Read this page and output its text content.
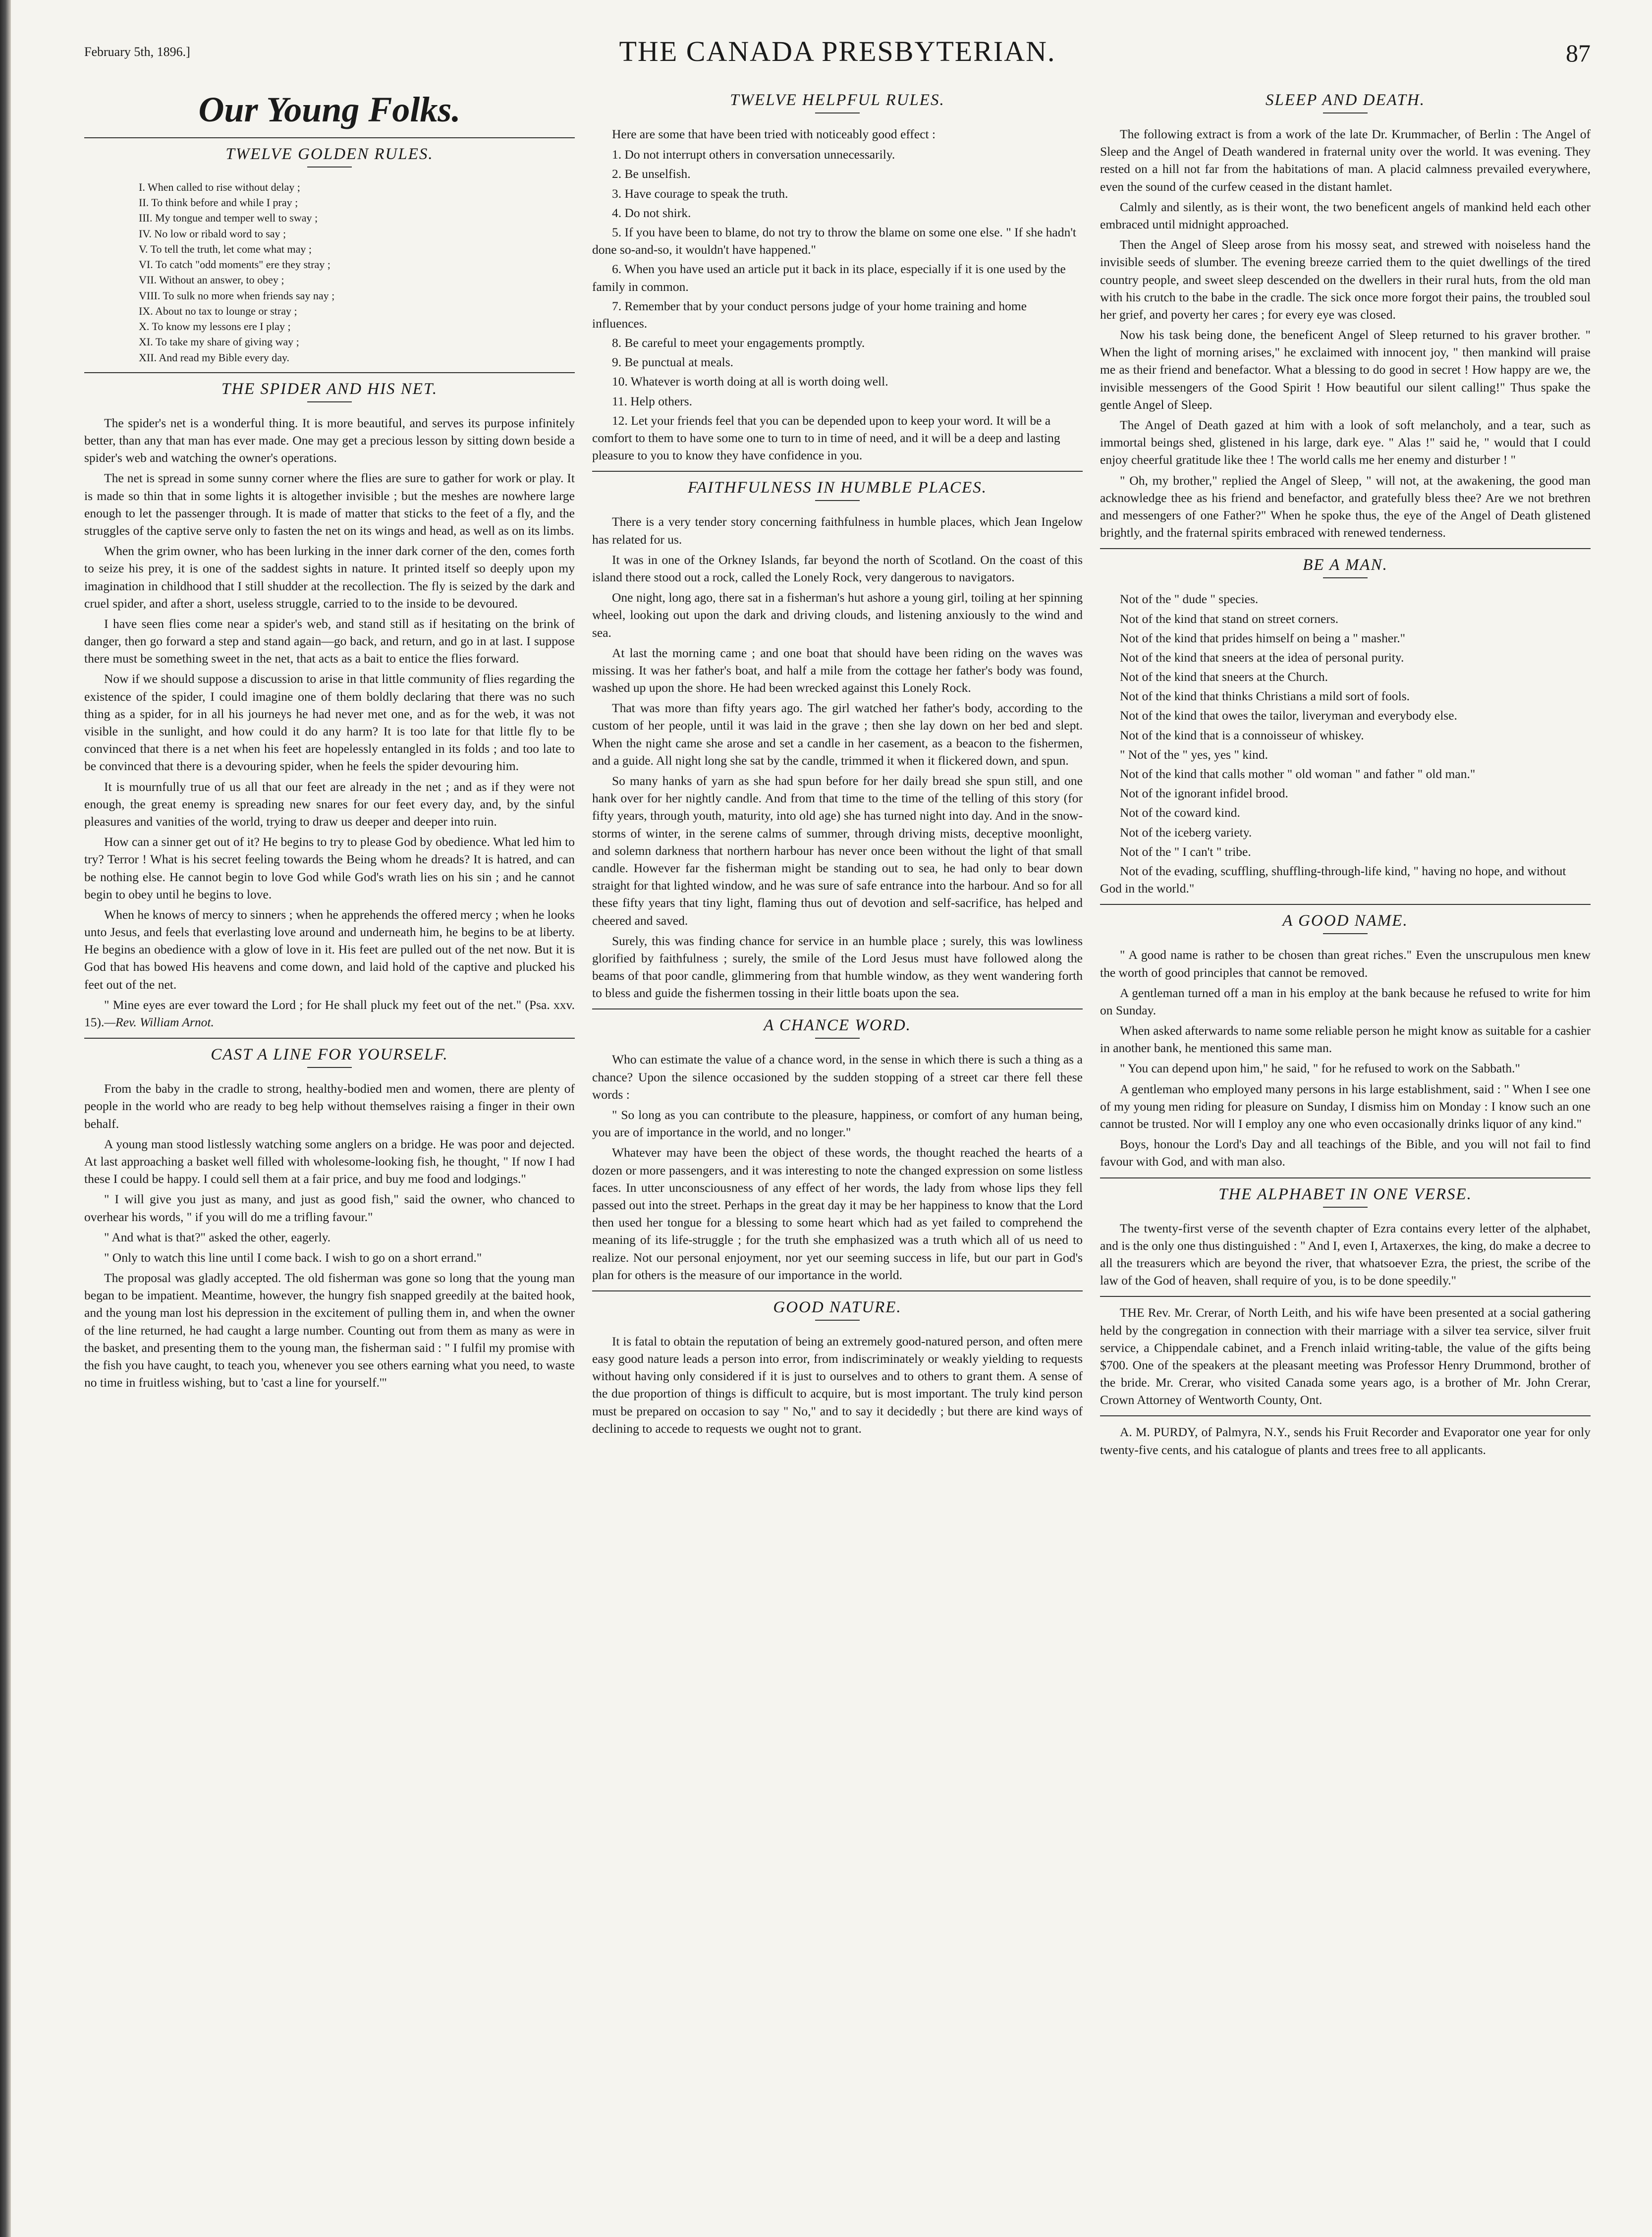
February 5th, 1896.]	THE CANADA PRESBYTERIAN.	87
Our Young Folks.
TWELVE GOLDEN RULES.
I. When called to rise without delay ;
II. To think before and while I pray ;
III. My tongue and temper well to sway ;
IV. No low or ribald word to say ;
V. To tell the truth, let come what may ;
VI. To catch "odd moments" ere they stray ;
VII. Without an answer, to obey ;
VIII. To sulk no more when friends say nay ;
IX. About no tax to lounge or stray ;
X. To know my lessons ere I play ;
XI. To take my share of giving way ;
XII. And read my Bible every day.
THE SPIDER AND HIS NET.

The spider's net is a wonderful thing. It is more beautiful, and serves its purpose infinitely better, than any that man has ever made. One may get a precious lesson by sitting down beside a spider's web and watching the owner's operations.

The net is spread in some sunny corner where the flies are sure to gather for work or play. It is made so thin that in some lights it is altogether invisible ; but the meshes are nowhere large enough to let the passenger through. It is made of matter that sticks to the feet of a fly, and the struggles of the captive serve only to fasten the net on its wings and head, as well as on its limbs.

When the grim owner, who has been lurking in the inner dark corner of the den, comes forth to seize his prey, it is one of the saddest sights in nature. It printed itself so deeply upon my imagination in childhood that I still shudder at the recollection. The fly is seized by the dark and cruel spider, and after a short, useless struggle, carried to to the inside to be devoured.

I have seen flies come near a spider's web, and stand still as if hesitating on the brink of danger, then go forward a step and stand again—go back, and return, and go in at last. I suppose there must be something sweet in the net, that acts as a bait to entice the flies forward.

Now if we should suppose a discussion to arise in that little community of flies regarding the existence of the spider, I could imagine one of them boldly declaring that there was no such thing as a spider, for in all his journeys he had never met one, and as for the web, it was not visible in the sunlight, and how could it do any harm? It is too late for that little fly to be convinced that there is a net when his feet are hopelessly entangled in its folds ; and too late to be convinced that there is a devouring spider, when he feels the spider devouring him.

It is mournfully true of us all that our feet are already in the net ; and as if they were not enough, the great enemy is spreading new snares for our feet every day, and, by the sinful pleasures and vanities of the world, trying to draw us deeper and deeper into ruin.

How can a sinner get out of it? He begins to try to please God by obedience. What led him to try? Terror ! What is his secret feeling towards the Being whom he dreads? It is hatred, and can be nothing else. He cannot begin to love God while God's wrath lies on his sin ; and he cannot begin to obey until he begins to love.

When he knows of mercy to sinners ; when he apprehends the offered mercy ; when he looks unto Jesus, and feels that everlasting love around and underneath him, he begins to be at liberty. He begins an obedience with a glow of love in it. His feet are pulled out of the net now. But it is God that has bowed His heavens and come down, and laid hold of the captive and plucked his feet out of the net.

" Mine eyes are ever toward the Lord ; for He shall pluck my feet out of the net." (Psa. xxv. 15).—Rev. William Arnot.

CAST A LINE FOR YOURSELF.

From the baby in the cradle to strong, healthy-bodied men and women, there are plenty of people in the world who are ready to beg help without themselves raising a finger in their own behalf.

A young man stood listlessly watching some anglers on a bridge. He was poor and dejected. At last approaching a basket well filled with wholesome-looking fish, he thought, " If now I had these I could be happy. I could sell them at a fair price, and buy me food and lodgings."

" I will give you just as many, and just as good fish," said the owner, who chanced to overhear his words, " if you will do me a trifling favour."

" And what is that?" asked the other, eagerly.

" Only to watch this line until I come back. I wish to go on a short errand."

The proposal was gladly accepted. The old fisherman was gone so long that the young man began to be impatient. Meantime, however, the hungry fish snapped greedily at the baited hook, and the young man lost his depression in the excitement of pulling them in, and when the owner of the line returned, he had caught a large number. Counting out from them as many as were in the basket, and presenting them to the young man, the fisherman said : " I fulfil my promise with the fish you have caught, to teach you, whenever you see others earning what you need, to waste no time in fruitless wishing, but to 'cast a line for yourself.'"

TWELVE HELPFUL RULES.

Here are some that have been tried with noticeably good effect :

1. Do not interrupt others in conversation unnecessarily.
2. Be unselfish.
3. Have courage to speak the truth.
4. Do not shirk.
5. If you have been to blame, do not try to throw the blame on some one else. " If she hadn't done so-and-so, it wouldn't have happened."
6. When you have used an article put it back in its place, especially if it is one used by the family in common.
7. Remember that by your conduct persons judge of your home training and home influences.
8. Be careful to meet your engagements promptly.
9. Be punctual at meals.
10. Whatever is worth doing at all is worth doing well.
11. Help others.
12. Let your friends feel that you can be depended upon to keep your word. It will be a comfort to them to have some one to turn to in time of need, and it will be a deep and lasting pleasure to you to know they have confidence in you.
FAITHFULNESS IN HUMBLE PLACES.

There is a very tender story concerning faithfulness in humble places, which Jean Ingelow has related for us.

It was in one of the Orkney Islands, far beyond the north of Scotland. On the coast of this island there stood out a rock, called the Lonely Rock, very dangerous to navigators.

One night, long ago, there sat in a fisherman's hut ashore a young girl, toiling at her spinning wheel, looking out upon the dark and driving clouds, and listening anxiously to the wind and sea.

At last the morning came ; and one boat that should have been riding on the waves was missing. It was her father's boat, and half a mile from the cottage her father's body was found, washed up upon the shore. He had been wrecked against this Lonely Rock.

That was more than fifty years ago. The girl watched her father's body, according to the custom of her people, until it was laid in the grave ; then she lay down on her bed and slept. When the night came she arose and set a candle in her casement, as a beacon to the fishermen, and a guide. All night long she sat by the candle, trimmed it when it flickered down, and spun.

So many hanks of yarn as she had spun before for her daily bread she spun still, and one hank over for her nightly candle. And from that time to the time of the telling of this story (for fifty years, through youth, maturity, into old age) she has turned night into day. And in the snow-storms of winter, in the serene calms of summer, through driving mists, deceptive moonlight, and solemn darkness that northern harbour has never once been without the light of that small candle. However far the fisherman might be standing out to sea, he had only to bear down straight for that lighted window, and he was sure of safe entrance into the harbour. And so for all these fifty years that tiny light, flaming thus out of devotion and self-sacrifice, has helped and cheered and saved.

Surely, this was finding chance for service in an humble place ; surely, this was lowliness glorified by faithfulness ; surely, the smile of the Lord Jesus must have followed along the beams of that poor candle, glimmering from that humble window, as they went wandering forth to bless and guide the fishermen tossing in their little boats upon the sea.

A CHANCE WORD.

Who can estimate the value of a chance word, in the sense in which there is such a thing as a chance? Upon the silence occasioned by the sudden stopping of a street car there fell these words :

" So long as you can contribute to the pleasure, happiness, or comfort of any human being, you are of importance in the world, and no longer."

Whatever may have been the object of these words, the thought reached the hearts of a dozen or more passengers, and it was interesting to note the changed expression on some listless faces. In utter unconsciousness of any effect of her words, the lady from whose lips they fell passed out into the street. Perhaps in the great day it may be her happiness to know that the Lord then used her tongue for a blessing to some heart which had as yet failed to comprehend the meaning of its life-struggle ; for the truth she emphasized was a truth which all of us need to realize. Not our personal enjoyment, nor yet our seeming success in life, but our part in God's plan for others is the measure of our importance in the world.

GOOD NATURE.

It is fatal to obtain the reputation of being an extremely good-natured person, and often mere easy good nature leads a person into error, from indiscriminately or weakly yielding to requests without having only considered if it is just to ourselves and to others to grant them. A sense of the due proportion of things is difficult to acquire, but is most important. The truly kind person must be prepared on occasion to say " No," and to say it decidedly ; but there are kind ways of declining to accede to requests we ought not to grant.

SLEEP AND DEATH.

The following extract is from a work of the late Dr. Krummacher, of Berlin : The Angel of Sleep and the Angel of Death wandered in fraternal unity over the world. It was evening. They rested on a hill not far from the habitations of man. A placid calmness prevailed everywhere, even the sound of the curfew ceased in the distant hamlet.

Calmly and silently, as is their wont, the two beneficent angels of mankind held each other embraced until midnight approached.

Then the Angel of Sleep arose from his mossy seat, and strewed with noiseless hand the invisible seeds of slumber. The evening breeze carried them to the quiet dwellings of the tired country people, and sweet sleep descended on the dwellers in their rural huts, from the old man with his crutch to the babe in the cradle. The sick once more forgot their pains, the troubled soul her grief, and poverty her cares ; for every eye was closed.

Now his task being done, the beneficent Angel of Sleep returned to his graver brother. " When the light of morning arises," he exclaimed with innocent joy, " then mankind will praise me as their friend and benefactor. What a blessing to do good in secret ! How happy are we, the invisible messengers of the Good Spirit ! How beautiful our silent calling!" Thus spake the gentle Angel of Sleep.

The Angel of Death gazed at him with a look of soft melancholy, and a tear, such as immortal beings shed, glistened in his large, dark eye. " Alas !" said he, " would that I could enjoy cheerful gratitude like thee ! The world calls me her enemy and disturber ! "

" Oh, my brother," replied the Angel of Sleep, " will not, at the awakening, the good man acknowledge thee as his friend and benefactor, and gratefully bless thee? Are we not brethren and messengers of one Father?" When he spoke thus, the eye of the Angel of Death glistened brightly, and the fraternal spirits embraced with renewed tenderness.

BE A MAN.
Not of the " dude " species.
Not of the kind that stand on street corners.
Not of the kind that prides himself on being a " masher."
Not of the kind that sneers at the idea of personal purity.
Not of the kind that sneers at the Church.
Not of the kind that thinks Christians a mild sort of fools.
Not of the kind that owes the tailor, liveryman and everybody else.
Not of the kind that is a connoisseur of whiskey.
" Not of the " yes, yes " kind.
Not of the kind that calls mother " old woman " and father " old man."
Not of the ignorant infidel brood.
Not of the coward kind.
Not of the iceberg variety.
Not of the " I can't " tribe.
Not of the evading, scuffling, shuffling-through-life kind, " having no hope, and without God in the world."
A GOOD NAME.

" A good name is rather to be chosen than great riches." Even the unscrupulous men knew the worth of good principles that cannot be removed.

A gentleman turned off a man in his employ at the bank because he refused to write for him on Sunday.

When asked afterwards to name some reliable person he might know as suitable for a cashier in another bank, he mentioned this same man.

" You can depend upon him," he said, " for he refused to work on the Sabbath."

A gentleman who employed many persons in his large establishment, said : " When I see one of my young men riding for pleasure on Sunday, I dismiss him on Monday : I know such an one cannot be trusted. Nor will I employ any one who even occasionally drinks liquor of any kind."

Boys, honour the Lord's Day and all teachings of the Bible, and you will not fail to find favour with God, and with man also.

THE ALPHABET IN ONE VERSE.

The twenty-first verse of the seventh chapter of Ezra contains every letter of the alphabet, and is the only one thus distinguished : " And I, even I, Artaxerxes, the king, do make a decree to all the treasurers which are beyond the river, that whatsoever Ezra, the priest, the scribe of the law of the God of heaven, shall require of you, is to be done speedily."

THE Rev. Mr. Crerar, of North Leith, and his wife have been presented at a social gathering held by the congregation in connection with their marriage with a silver tea service, silver fruit service, a Chippendale cabinet, and a French inlaid writing-table, the value of the gifts being $700. One of the speakers at the pleasant meeting was Professor Henry Drummond, brother of the bride. Mr. Crerar, who visited Canada some years ago, is a brother of Mr. John Crerar, Crown Attorney of Wentworth County, Ont.

A. M. PURDY, of Palmyra, N.Y., sends his Fruit Recorder and Evaporator one year for only twenty-five cents, and his catalogue of plants and trees free to all applicants.
